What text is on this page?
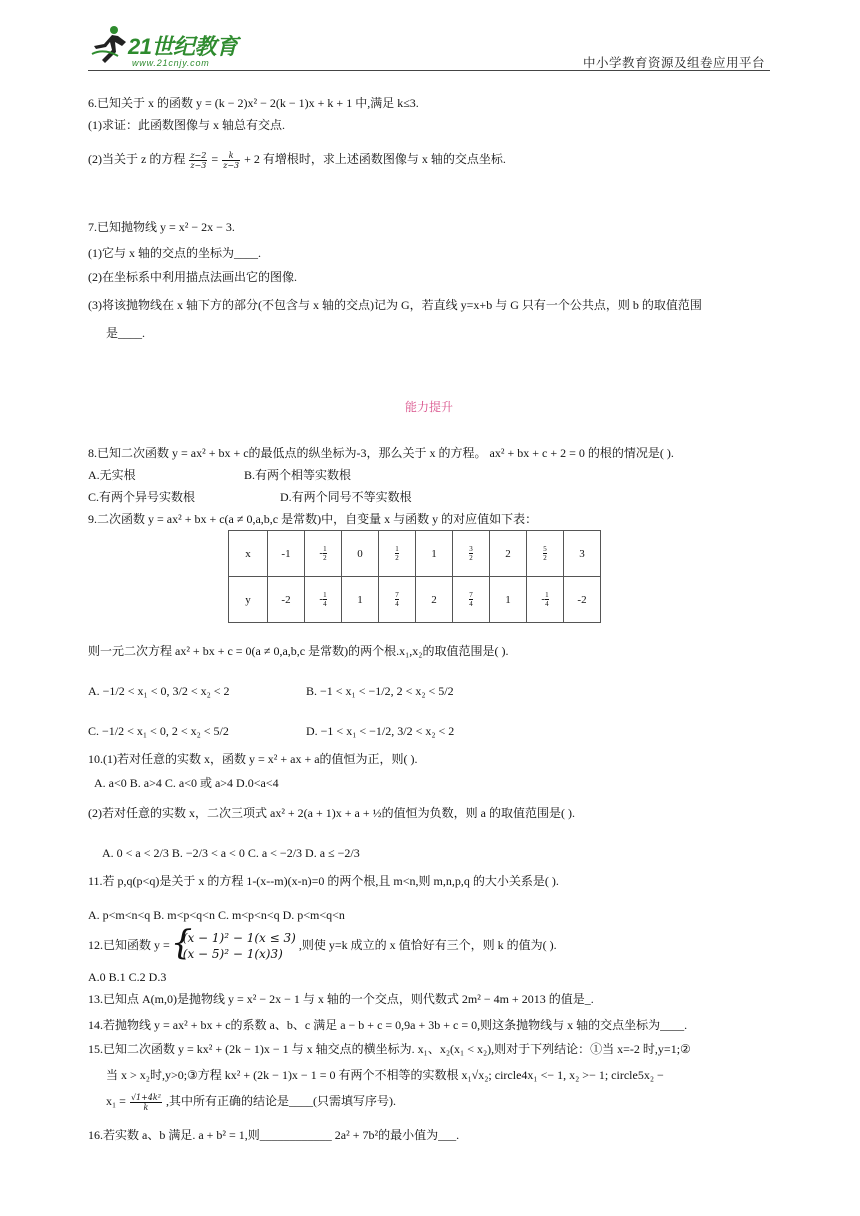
21世纪教育
www.21cnjy.com	中小学教育资源及组卷应用平台
6.已知关于 x 的函数 y = (k − 2)x² − 2(k − 1)x + k + 1 中,满足 k≤3.
(1)求证：此函数图像与 x 轴总有交点.
(2)当关于 z 的方程 $\frac{z-2}{z-3} = \frac{k}{z-3} + 2$ 有增根时，求上述函数图像与 x 轴的交点坐标.
7.已知抛物线 y = x² − 2x − 3.
(1)它与 x 轴的交点的坐标为____.
(2)在坐标系中利用描点法画出它的图像.
(3)将该抛物线在 x 轴下方的部分(不包含与 x 轴的交点)记为 G，若直线 y=x+b 与 G 只有一个公共点，则 b 的取值范围
是____.
能力提升
8.已知二次函数 y = ax² + bx + c的最低点的纵坐标为-3，那么关于 x 的方程。 ax² + bx + c + 2 = 0 的根的情况是( ).
A.无实根	B.有两个相等实数根
C.有两个异号实数根	D.有两个同号不等实数根
9.二次函数 y = ax² + bx + c(a ≠ 0,a,b,c 是常数)中，自变量 x 与函数 y 的对应值如下表：
x	-1	- $\frac{1}{2}$	0	$\frac{1}{2}$	1	$\frac{3}{2}$	2	$\frac{5}{2}$	3
y	-2	- $\frac{1}{4}$	1	$\frac{7}{4}$	2	$\frac{7}{4}$	1	- $\frac{1}{4}$	-2
则一元二次方程 ax² + bx + c = 0(a ≠ 0,a,b,c 是常数)的两个根.x₁,x₂的取值范围是( ).
A. −1/2 < x₁ < 0, 3/2 < x₂ < 2	B. −1 < x₁ < −1/2, 2 < x₂ < 5/2
C. −1/2 < x₁ < 0, 2 < x₂ < 5/2	D. −1 < x₁ < −1/2, 3/2 < x₂ < 2
10.(1)若对任意的实数 x，函数 y = x² + ax + a的值恒为正，则( ).
A. a<0 B. a>4 C. a<0 或 a>4 D.0<a<4
(2)若对任意的实数 x，二次三项式 ax² + 2(a + 1)x + a + ½的值恒为负数，则 a 的取值范围是( ).
A. 0 < a < 2/3 B. −2/3 < a < 0 C. a < −2/3 D. a ≤ −2/3
11.若 p,q(p<q)是关于 x 的方程 1-(x--m)(x-n)=0 的两个根,且 m<n,则 m,n,p,q 的大小关系是( ).
A. p<m<n<q B. m<p<q<n C. m<p<n<q D. p<m<q<n
12.已知函数 y = { (x − 1)² − 1(x ≤ 3)
(x − 5)² − 1(x)3)
,则使 y=k 成立的 x 值恰好有三个，则 k 的值为( ).
A.0 B.1 C.2 D.3
13.已知点 A(m,0)是抛物线 y = x² − 2x − 1 与 x 轴的一个交点，则代数式 2m² − 4m + 2013 的值是_.
14.若抛物线 y = ax² + bx + c的系数 a、b、c 满足 a − b + c = 0,9a + 3b + c = 0,则这条抛物线与 x 轴的交点坐标为____.
15.已知二次函数 y = kx² + (2k − 1)x − 1 与 x 轴交点的横坐标为. x₁、x₂(x₁ < x₂),则对于下列结论：①当 x=-2 时,y=1;②
当 x > x₂时,y>0;③方程 kx² + (2k − 1)x − 1 = 0 有两个不相等的实数根 x₁√x₂; circle4x₁ <− 1, x₂ >− 1; circle5x₂ −
$x_1 = \frac{\text{√1+4k²}}{k}$ ,其中所有正确的结论是____(只需填写序号).
16.若实数 a、b 满足. a + b² = 1,则____________ 2a² + 7b²的最小值为___.
